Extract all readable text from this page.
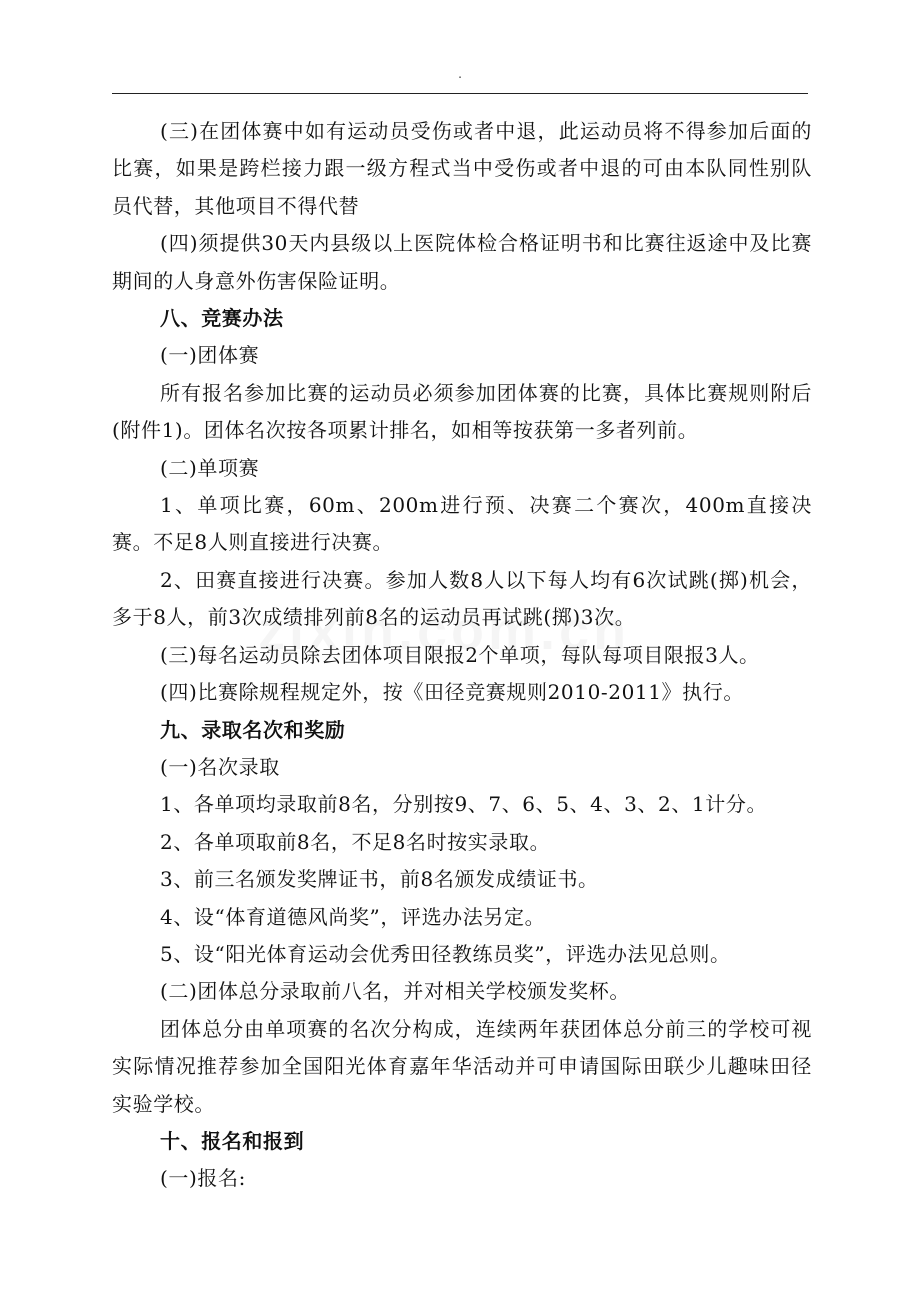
.

(三)在团体赛中如有运动员受伤或者中退，此运动员将不得参加后面的比赛，如果是跨栏接力跟一级方程式当中受伤或者中退的可由本队同性别队员代替，其他项目不得代替

(四)须提供30天内县级以上医院体检合格证明书和比赛往返途中及比赛期间的人身意外伤害保险证明。

八、竞赛办法

(一)团体赛

所有报名参加比赛的运动员必须参加团体赛的比赛，具体比赛规则附后(附件1)。团体名次按各项累计排名，如相等按获第一多者列前。

(二)单项赛

1、单项比赛，60m、200m进行预、决赛二个赛次，400m直接决赛。不足8人则直接进行决赛。

2、田赛直接进行决赛。参加人数8人以下每人均有6次试跳(掷)机会，多于8人，前3次成绩排列前8名的运动员再试跳(掷)3次。

(三)每名运动员除去团体项目限报2个单项，每队每项目限报3人。

(四)比赛除规程规定外，按《田径竞赛规则2010-2011》执行。

九、录取名次和奖励

(一)名次录取

1、各单项均录取前8名，分别按9、7、6、5、4、3、2、1计分。

2、各单项取前8名，不足8名时按实录取。

3、前三名颁发奖牌证书，前8名颁发成绩证书。

4、设“体育道德风尚奖”，评选办法另定。

5、设“阳光体育运动会优秀田径教练员奖”，评选办法见总则。

(二)团体总分录取前八名，并对相关学校颁发奖杯。

团体总分由单项赛的名次分构成，连续两年获团体总分前三的学校可视实际情况推荐参加全国阳光体育嘉年华活动并可申请国际田联少儿趣味田径实验学校。

十、报名和报到

(一)报名:
